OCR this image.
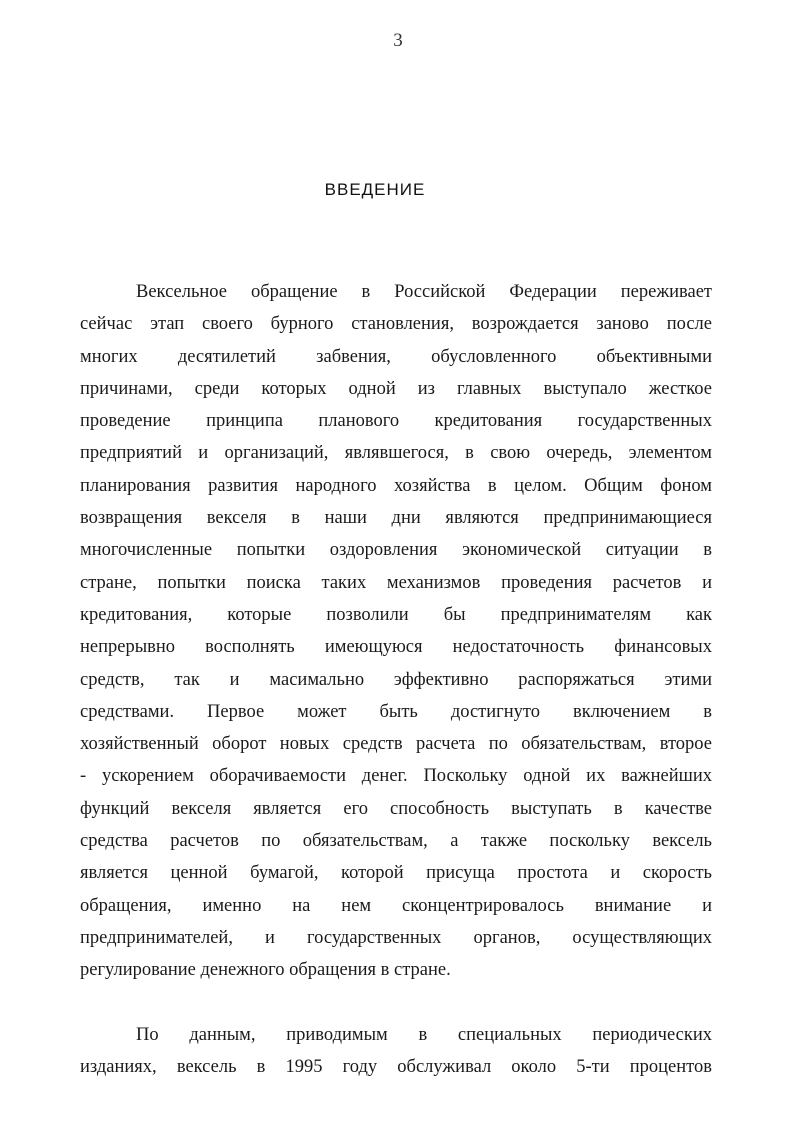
3
ВВЕДЕНИЕ
Вексельное обращение в Российской Федерации переживает
сейчас этап своего бурного становления, возрождается заново после
многих десятилетий забвения, обусловленного объективными
причинами, среди которых одной из главных выступало жесткое
проведение принципа планового кредитования государственных
предприятий и организаций, являвшегося, в свою очередь, элементом
планирования развития народного хозяйства в целом. Общим фоном
возвращения векселя в наши дни являются предпринимающиеся
многочисленные попытки оздоровления экономической ситуации в
стране, попытки поиска таких механизмов проведения расчетов и
кредитования, которые позволили бы предпринимателям как
непрерывно восполнять имеющуюся недостаточность финансовых
средств, так и масимально эффективно распоряжаться этими
средствами. Первое может быть достигнуто включением в
хозяйственный оборот новых средств расчета по обязательствам, второе
- ускорением оборачиваемости денег. Поскольку одной их важнейших
функций векселя является его способность выступать в качестве
средства расчетов по обязательствам, а также поскольку вексель
является ценной бумагой, которой присуща простота и скорость
обращения, именно на нем сконцентрировалось внимание и
предпринимателей, и государственных органов, осуществляющих
регулирование денежного обращения в стране.
По данным, приводимым в специальных периодических
изданиях, вексель в 1995 году обслуживал около 5-ти процентов
